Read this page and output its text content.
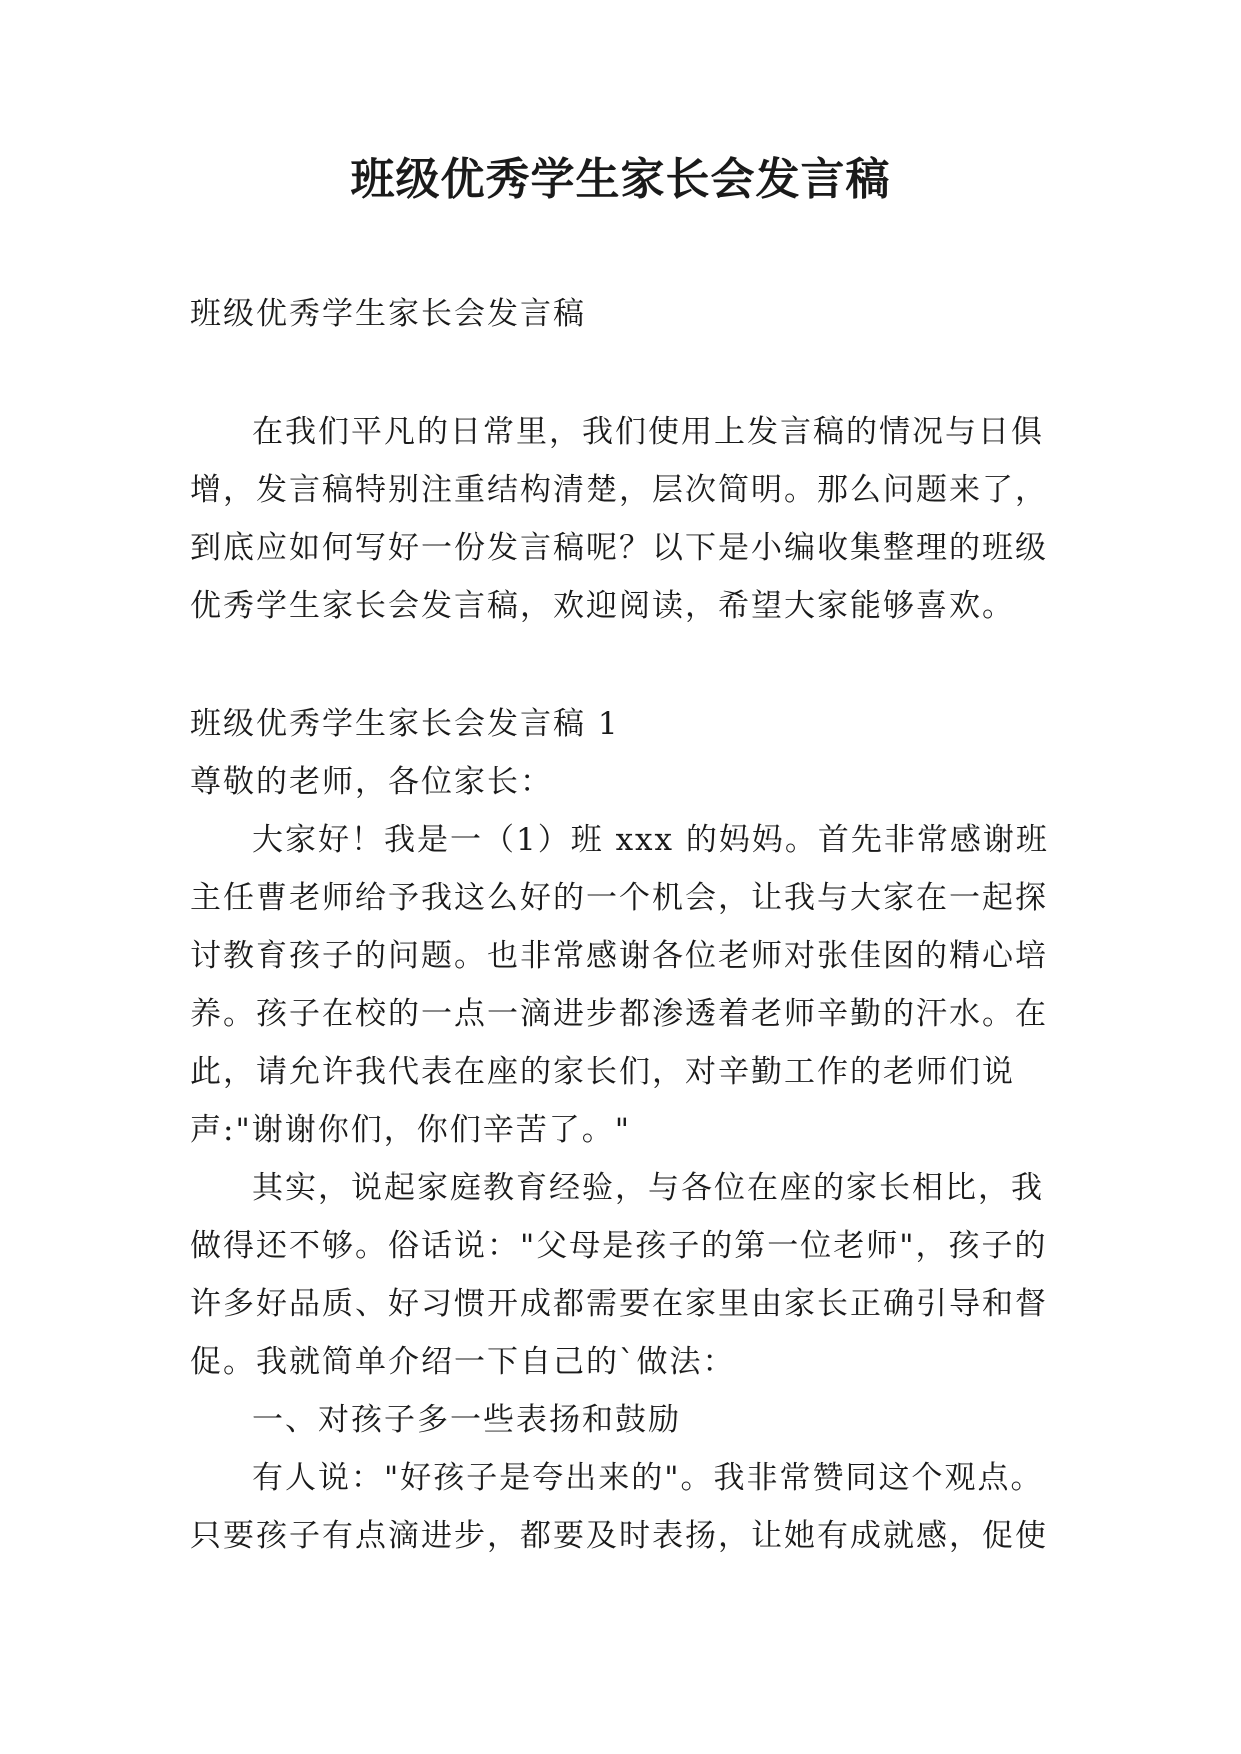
班级优秀学生家长会发言稿
班级优秀学生家长会发言稿

在我们平凡的日常里，我们使用上发言稿的情况与日俱增，发言稿特别注重结构清楚，层次简明。那么问题来了，到底应如何写好一份发言稿呢？以下是小编收集整理的班级优秀学生家长会发言稿，欢迎阅读，希望大家能够喜欢。

班级优秀学生家长会发言稿 1

尊敬的老师，各位家长：

大家好！我是一（1）班 xxx 的妈妈。首先非常感谢班主任曹老师给予我这么好的一个机会，让我与大家在一起探讨教育孩子的问题。也非常感谢各位老师对张佳囡的精心培养。孩子在校的一点一滴进步都渗透着老师辛勤的汗水。在此，请允许我代表在座的家长们，对辛勤工作的老师们说声:"谢谢你们，你们辛苦了。"

其实，说起家庭教育经验，与各位在座的家长相比，我做得还不够。俗话说："父母是孩子的第一位老师"，孩子的许多好品质、好习惯开成都需要在家里由家长正确引导和督促。我就简单介绍一下自己的`做法：

一、对孩子多一些表扬和鼓励

有人说："好孩子是夸出来的"。我非常赞同这个观点。只要孩子有点滴进步，都要及时表扬，让她有成就感，促使
